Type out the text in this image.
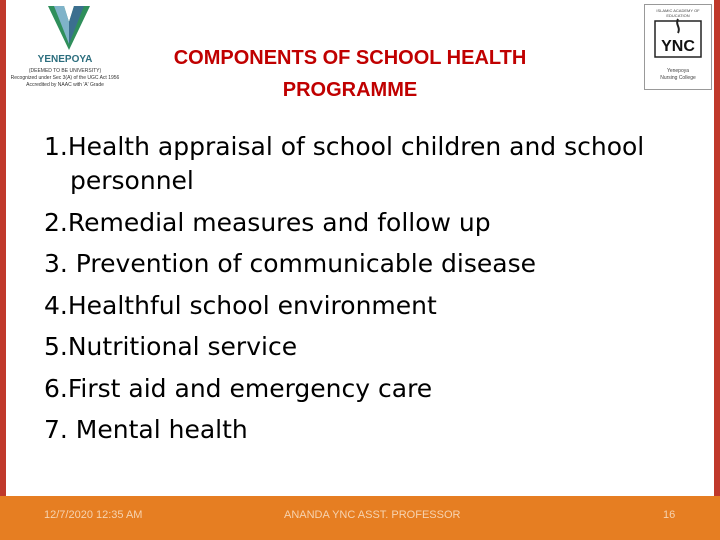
YENEPOYA
(DEEMED TO BE UNIVERSITY)
Recognized under Sec 3(A) of the UGC Act 1956
Accredited by NAAC with 'A' Grade
ISLAMIC ACADEMY OF EDUCATION
YNC
Yenepoya
Nursing College
COMPONENTS OF SCHOOL HEALTH
PROGRAMME
1.Health appraisal of school children and school
personnel
2.Remedial measures and follow up
3. Prevention of communicable disease
4.Healthful school environment
5.Nutritional service
6.First aid and emergency care
7. Mental health
12/7/2020 12:35 AM	ANANDA YNC ASST. PROFESSOR	16
